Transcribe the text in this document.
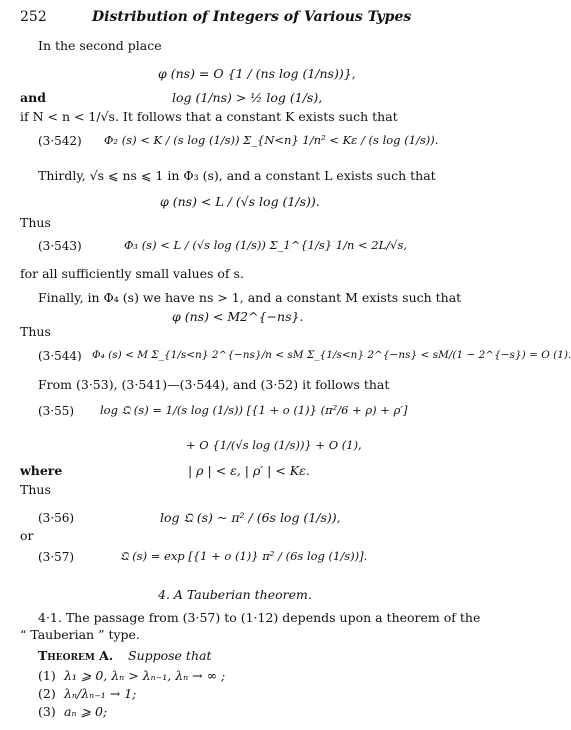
252	Distribution of Integers of Various Types
In the second place
φ (ns) = O {1 / (ns log (1/ns))},
and	log (1/ns) > ½ log (1/s),
if N < n < 1/√s. It follows that a constant K exists such that
(3·542) Φ₂ (s) < K / (s log (1/s)) Σ_{N<n} 1/n² < Kε / (s log (1/s)).
Thirdly, √s ⩽ ns ⩽ 1 in Φ₃ (s), and a constant L exists such that
φ (ns) < L / (√s log (1/s)).
Thus
(3·543)	Φ₃ (s) < L / (√s log (1/s)) Σ_1^{1/s} 1/n < 2L/√s,
for all sufficiently small values of s.
Finally, in Φ₄ (s) we have ns > 1, and a constant M exists such that
φ (ns) < M2^{−ns}.
Thus
(3·544) Φ₄ (s) < M Σ_{1/s<n} 2^{−ns}/n < sM Σ_{1/s<n} 2^{−ns} < sM/(1 − 2^{−s}) = O (1).
From (3·53), (3·541)—(3·544), and (3·52) it follows that
(3·55) log 𝔔 (s) = 1/(s log (1/s)) [{1 + o (1)} (π²/6 + ρ) + ρ′]
+ O {1/(√s log (1/s))} + O (1),
where	| ρ | < ε, | ρ′ | < Kε.
Thus
(3·56)	log 𝔔 (s) ~ π² / (6s log (1/s)),
or
(3·57)	𝔔 (s) = exp [{1 + o (1)} π² / (6s log (1/s))].
4. A Tauberian theorem.
4·1. The passage from (3·57) to (1·12) depends upon a theorem of the
“ Tauberian ” type.
Theorem A. Suppose that
(1) λ₁ ⩾ 0, λₙ > λₙ₋₁, λₙ → ∞ ;
(2) λₙ/λₙ₋₁ → 1;
(3) aₙ ⩾ 0;
